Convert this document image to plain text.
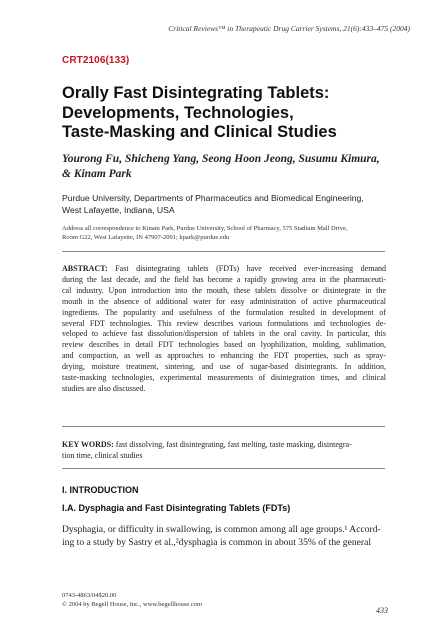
Critical Reviews™ in Therapeutic Drug Carrier Systems, 21(6):433–475 (2004)
CRT2106(133)
Orally Fast Disintegrating Tablets:
Developments, Technologies,
Taste-Masking and Clinical Studies
Yourong Fu, Shicheng Yang, Seong Hoon Jeong, Susumu Kimura,
& Kinam Park
Purdue University, Departments of Pharmaceutics and Biomedical Engineering,
West Lafayette, Indiana, USA
Address all correspondence to Kinam Park, Purdue University, School of Pharmacy, 575 Stadium Mall Drive,
Room G22, West Lafayette, IN 47907-2091; kpark@purdue.edu
ABSTRACT: Fast disintegrating tablets (FDTs) have received ever-increasing demand
during the last decade, and the field has become a rapidly growing area in the pharmaceuti-
cal industry. Upon introduction into the mouth, these tablets dissolve or disintegrate in the
mouth in the absence of additional water for easy administration of active pharmaceutical
ingredients. The popularity and usefulness of the formulation resulted in development of
several FDT technologies. This review describes various formulations and technologies de-
veloped to achieve fast dissolution/dispersion of tablets in the oral cavity. In particular, this
review describes in detail FDT technologies based on lyophilization, molding, sublimation,
and compaction, as well as approaches to enhancing the FDT properties, such as spray-
drying, moisture treatment, sintering, and use of sugar-based disintegrants. In addition,
taste-masking technologies, experimental measurements of disintegration times, and clinical
studies are also discussed.
KEY WORDS: fast dissolving, fast disintegrating, fast melting, taste masking, disintegra-
tion time, clinical studies
I. INTRODUCTION
I.A. Dysphagia and Fast Disintegrating Tablets (FDTs)
Dysphagia, or difficulty in swallowing, is common among all age groups.¹ Accord-
ing to a study by Sastry et al.,²dysphagia is common in about 35% of the general
0743-4863/04$20.00
© 2004 by Begell House, Inc., www.begellhouse.com
433
